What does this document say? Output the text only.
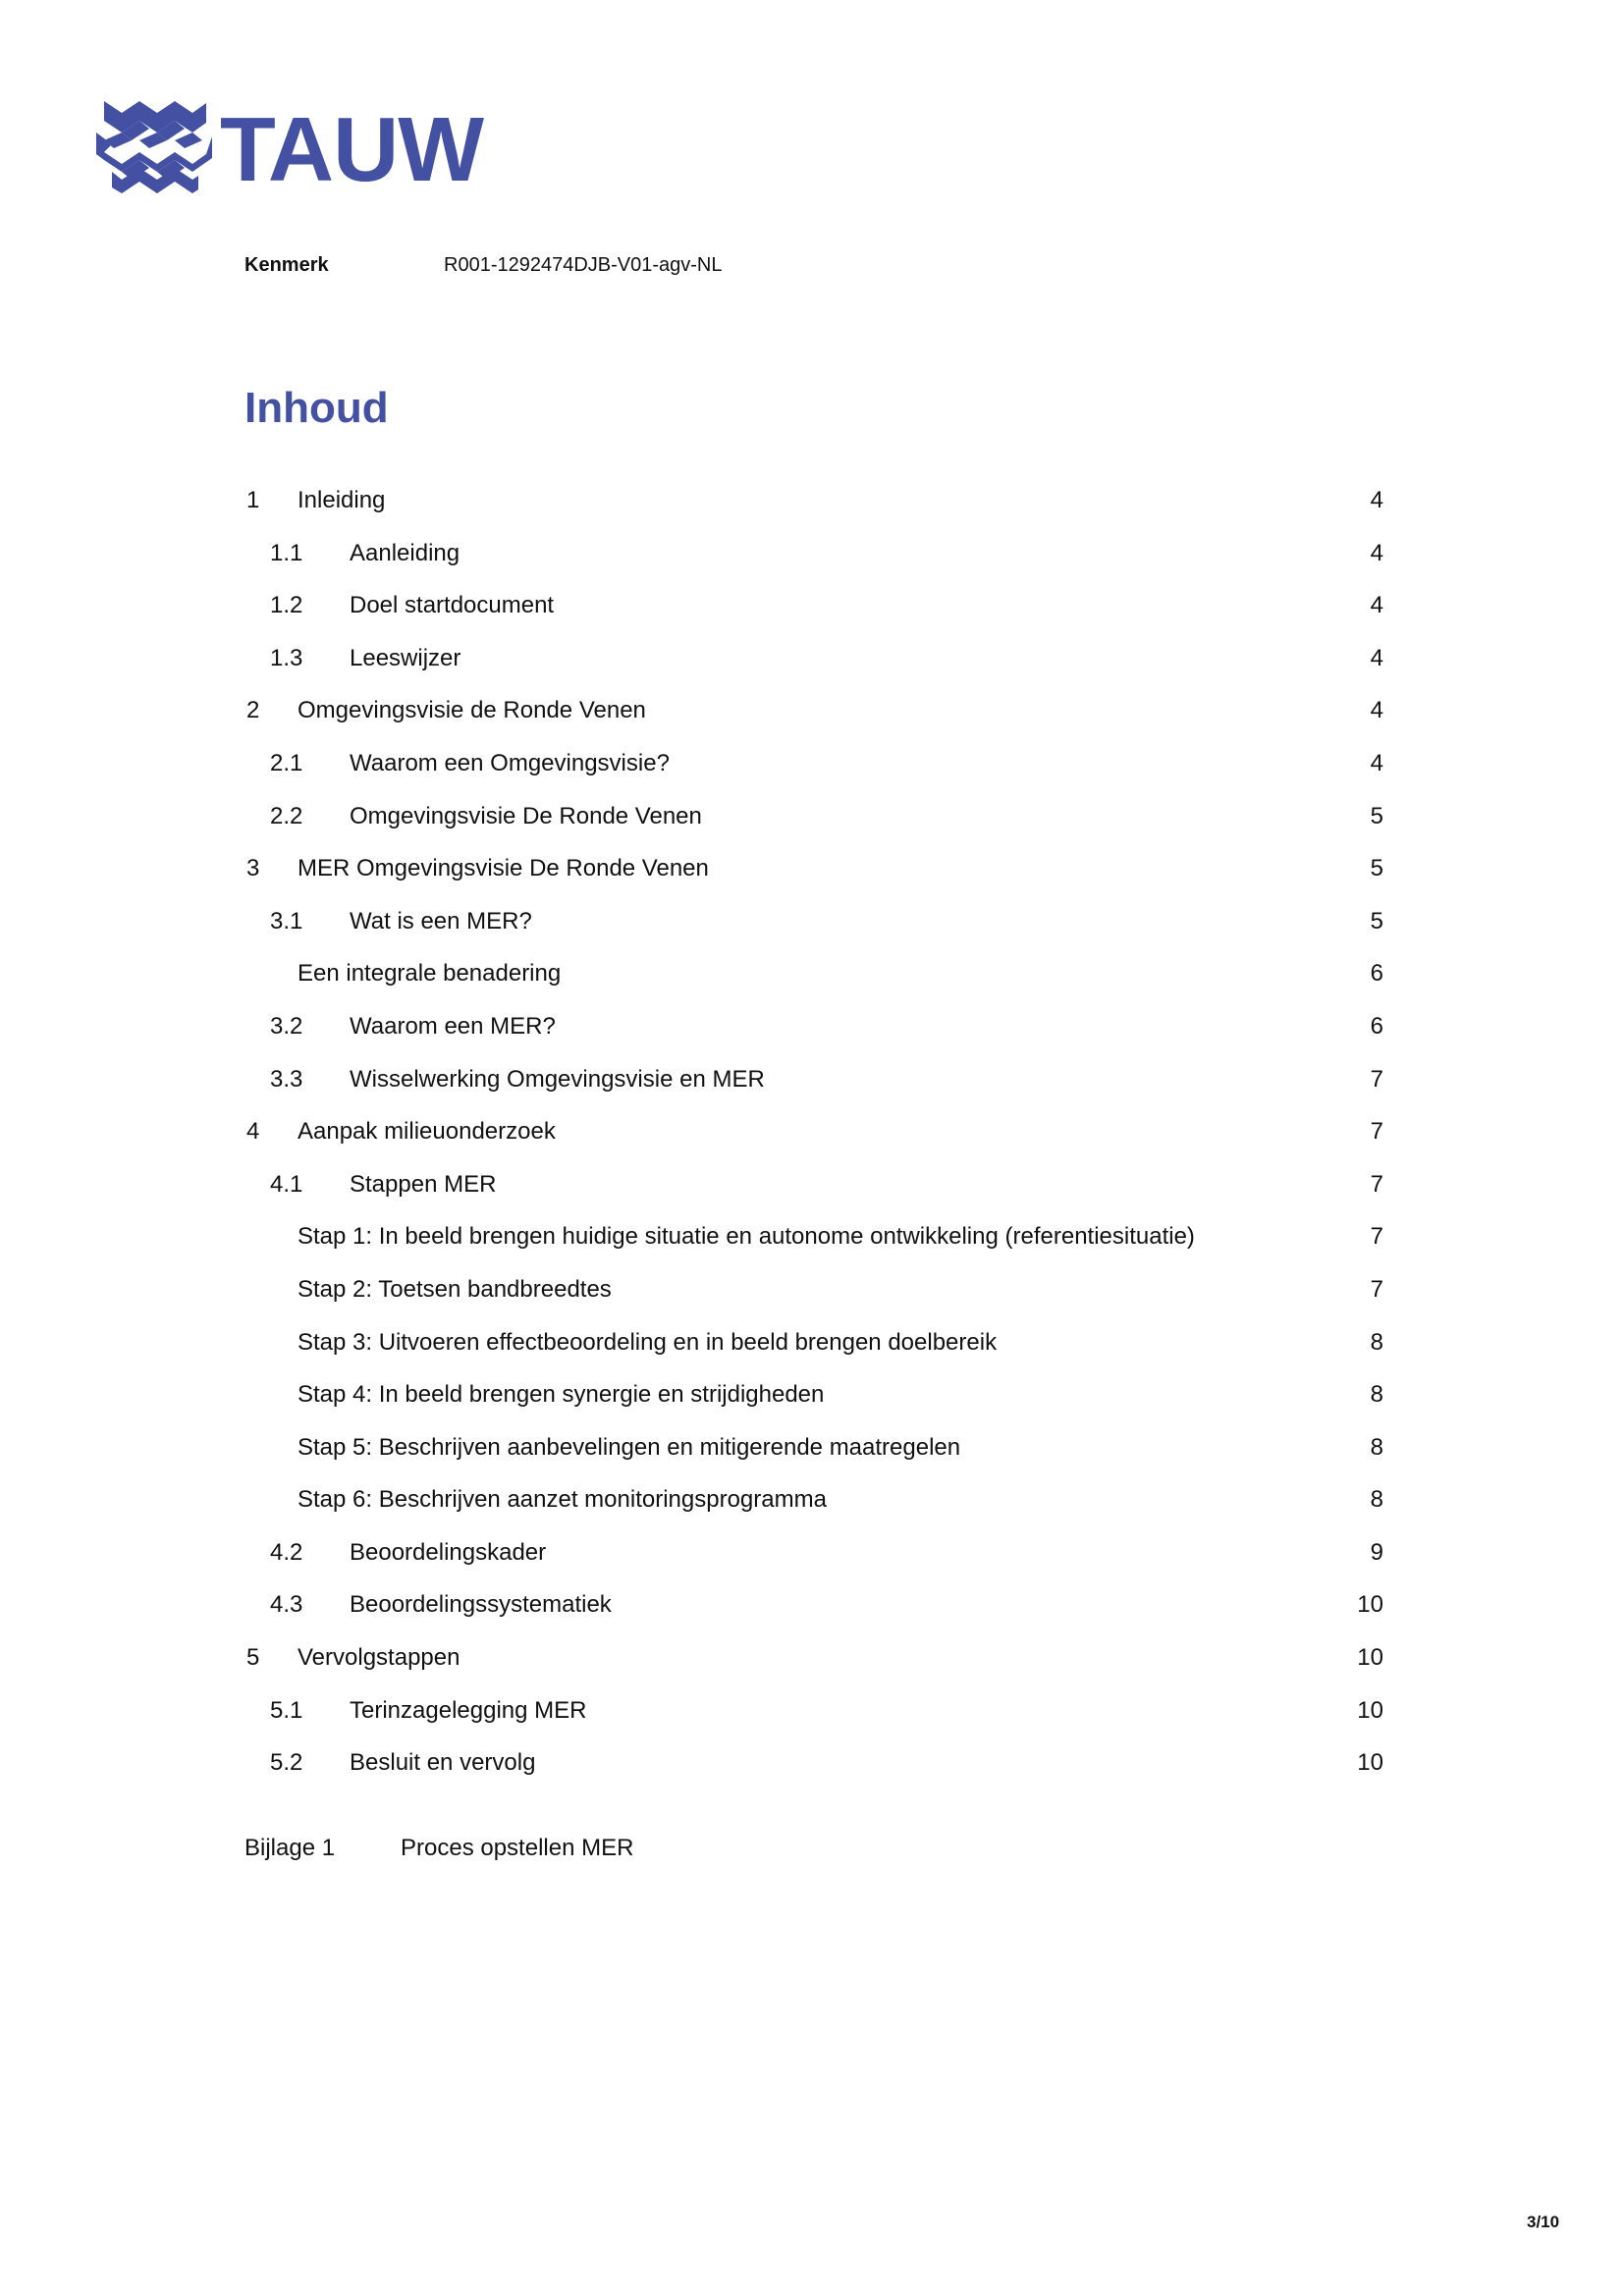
TAUW
Kenmerk	R001-1292474DJB-V01-agv-NL
Inhoud
1 Inleiding	4
1.1 Aanleiding	4
1.2 Doel startdocument	4
1.3 Leeswijzer	4
2 Omgevingsvisie de Ronde Venen	4
2.1 Waarom een Omgevingsvisie?	4
2.2 Omgevingsvisie De Ronde Venen	5
3 MER Omgevingsvisie De Ronde Venen	5
3.1 Wat is een MER?	5
Een integrale benadering	6
3.2 Waarom een MER?	6
3.3 Wisselwerking Omgevingsvisie en MER	7
4 Aanpak milieuonderzoek	7
4.1 Stappen MER	7
Stap 1: In beeld brengen huidige situatie en autonome ontwikkeling (referentiesituatie)	7
Stap 2: Toetsen bandbreedtes	7
Stap 3: Uitvoeren effectbeoordeling en in beeld brengen doelbereik	8
Stap 4: In beeld brengen synergie en strijdigheden	8
Stap 5: Beschrijven aanbevelingen en mitigerende maatregelen	8
Stap 6: Beschrijven aanzet monitoringsprogramma	8
4.2 Beoordelingskader	9
4.3 Beoordelingssystematiek	10
5 Vervolgstappen	10
5.1 Terinzagelegging MER	10
5.2 Besluit en vervolg	10
Bijlage 1	Proces opstellen MER
3/10
